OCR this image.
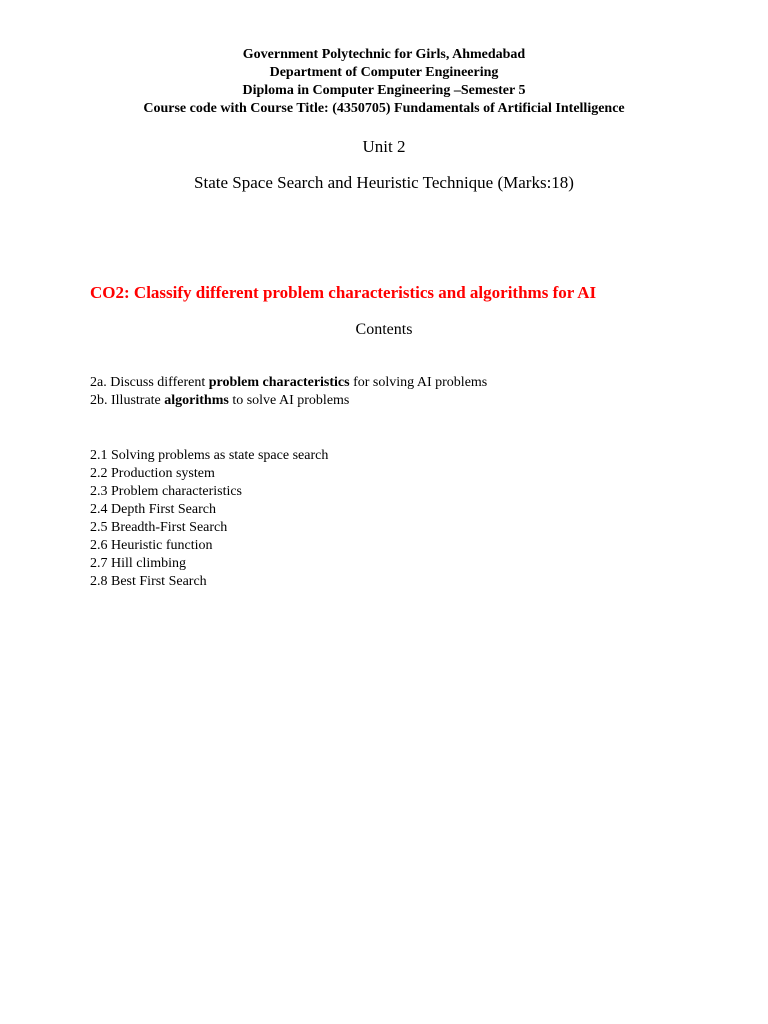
Government Polytechnic for Girls, Ahmedabad
Department of Computer Engineering
Diploma in Computer Engineering –Semester 5
Course code with Course Title: (4350705) Fundamentals of Artificial Intelligence
Unit 2
State Space Search and Heuristic Technique (Marks:18)
CO2: Classify different problem characteristics and algorithms for AI
Contents
2a. Discuss different problem characteristics for solving AI problems
2b. Illustrate algorithms to solve AI problems
2.1 Solving problems as state space search
2.2 Production system
2.3 Problem characteristics
2.4 Depth First Search
2.5 Breadth-First Search
2.6 Heuristic function
2.7 Hill climbing
2.8 Best First Search
